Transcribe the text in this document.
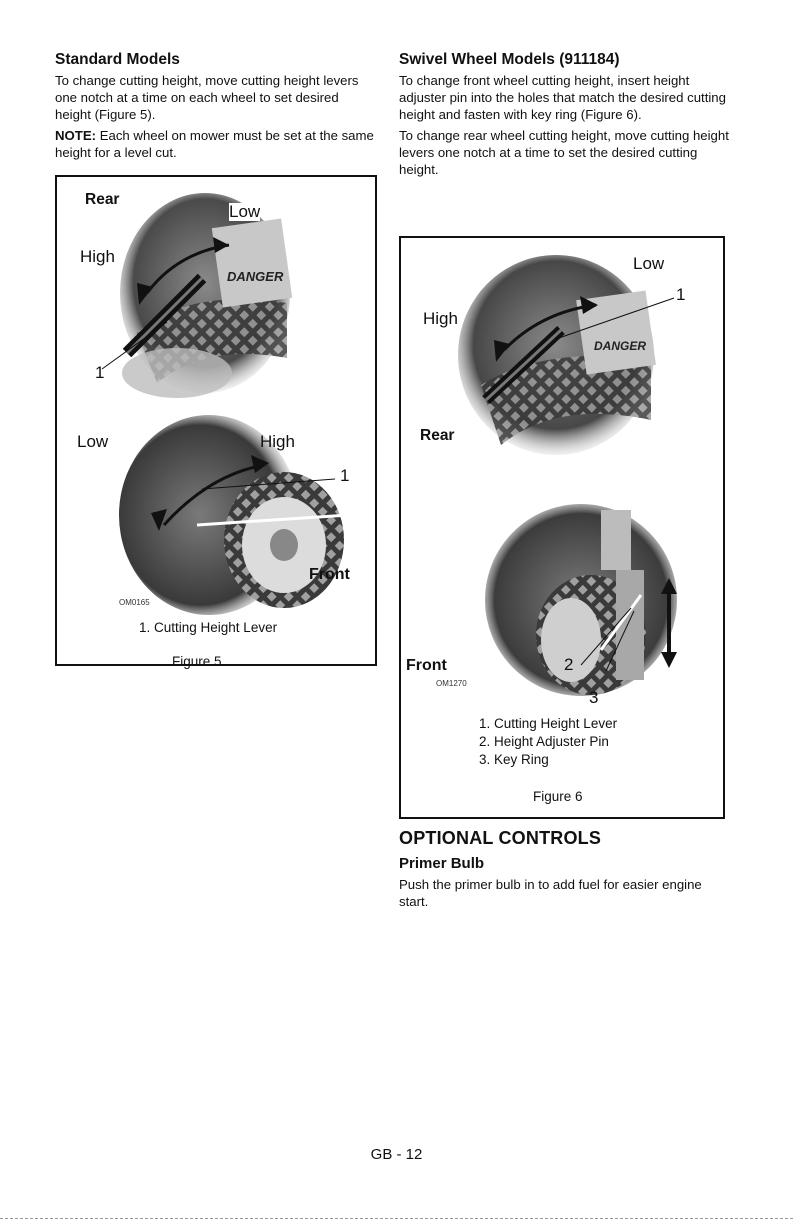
Standard Models

To change cutting height, move cutting height levers one notch at a time on each wheel to set desired height (Figure 5).

NOTE: Each wheel on mower must be set at the same height for a level cut.

DANGER
Rear
Low
High
1
Low	High
1
Front
OM0165
1. Cutting Height Lever
Figure 5
Swivel Wheel Models (911184)

To change front wheel cutting height, insert height adjuster pin into the holes that match the desired cutting height and fasten with key ring (Figure 6).

To change rear wheel cutting height, move cutting height levers one notch at a time to set the desired cutting height.

DANGER
Low
1
High
Rear
Front
OM1270
2
3
1. Cutting Height Lever
2. Height Adjuster Pin
3. Key Ring
Figure 6
OPTIONAL CONTROLS
Primer Bulb

Push the primer bulb in to add fuel for easier engine start.

GB - 12
